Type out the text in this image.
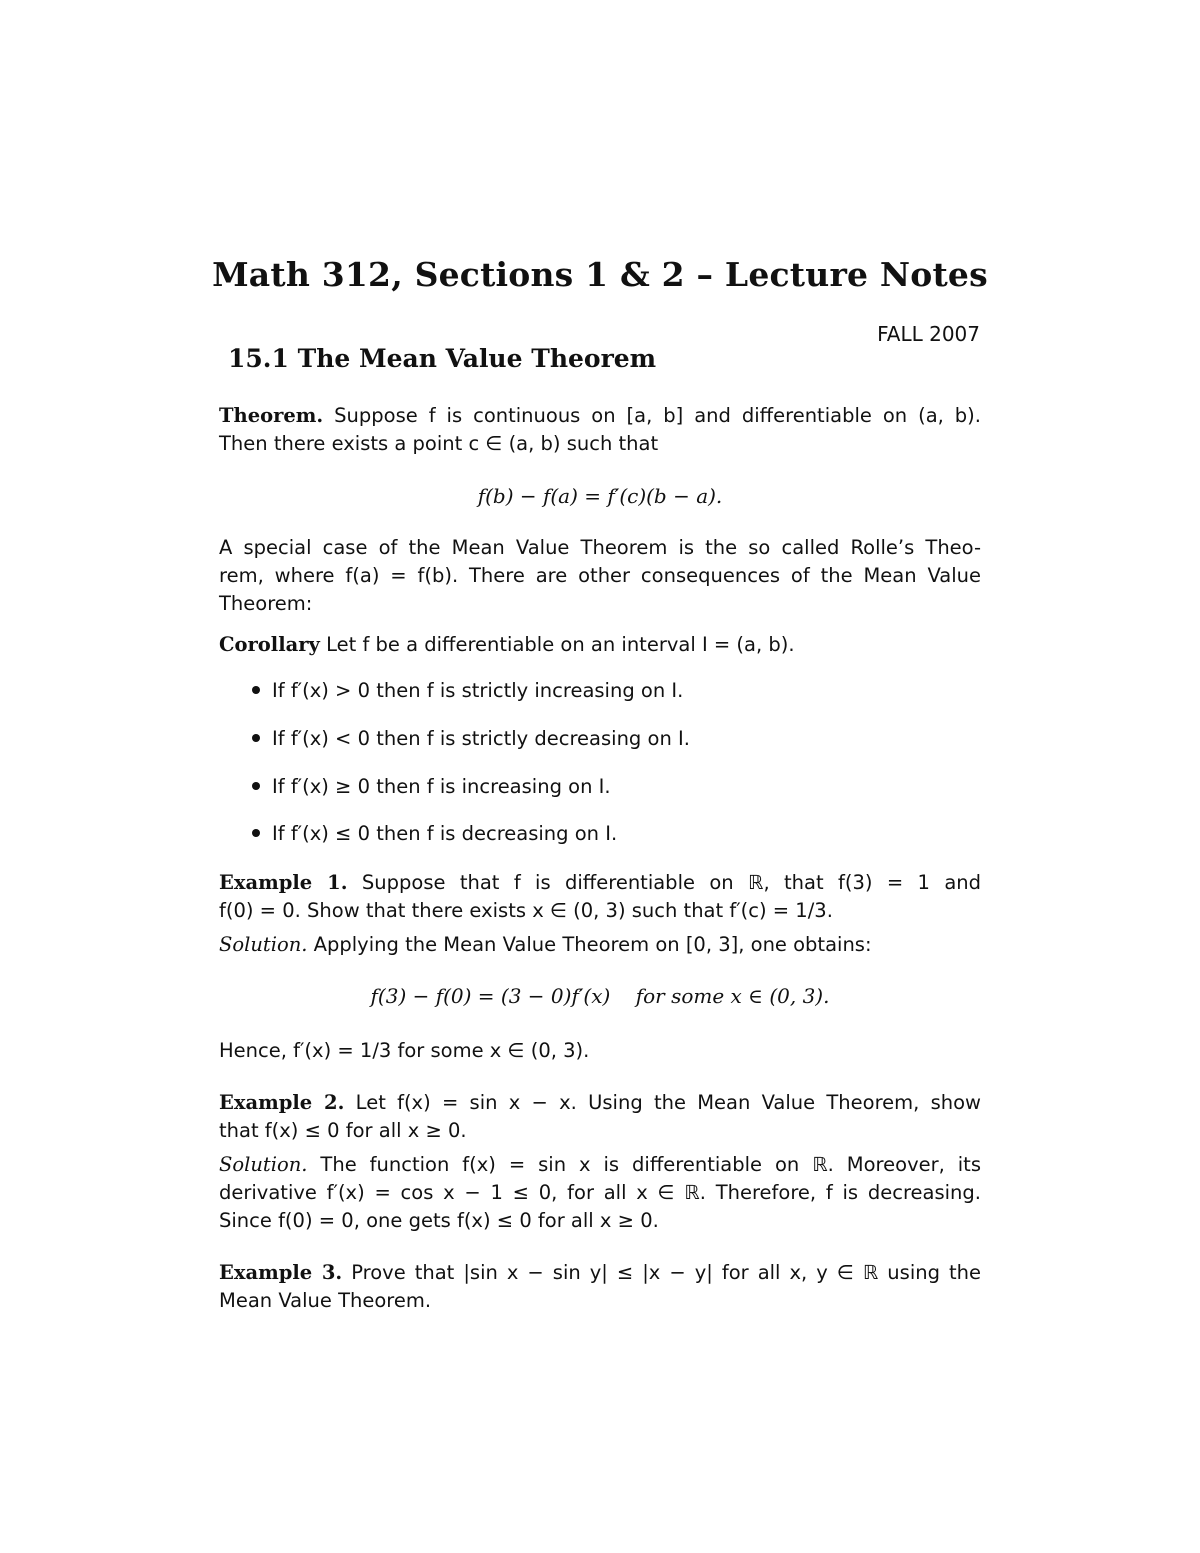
Math 312, Sections 1 & 2 – Lecture Notes
FALL 2007
15.1 The Mean Value Theorem
Theorem. Suppose f is continuous on [a, b] and differentiable on (a, b).
Then there exists a point c ∈ (a, b) such that
f(b) − f(a) = f′(c)(b − a).
A special case of the Mean Value Theorem is the so called Rolle’s Theo-
rem, where f(a) = f(b). There are other consequences of the Mean Value
Theorem:
Corollary Let f be a differentiable on an interval I = (a, b).
If f′(x) > 0 then f is strictly increasing on I.
If f′(x) < 0 then f is strictly decreasing on I.
If f′(x) ≥ 0 then f is increasing on I.
If f′(x) ≤ 0 then f is decreasing on I.
Example 1. Suppose that f is differentiable on ℝ, that f(3) = 1 and
f(0) = 0. Show that there exists x ∈ (0, 3) such that f′(c) = 1/3.
Solution. Applying the Mean Value Theorem on [0, 3], one obtains:
f(3) − f(0) = (3 − 0)f′(x)    for some x ∈ (0, 3).
Hence, f′(x) = 1/3 for some x ∈ (0, 3).
Example 2. Let f(x) = sin x − x. Using the Mean Value Theorem, show
that f(x) ≤ 0 for all x ≥ 0.
Solution. The function f(x) = sin x is differentiable on ℝ. Moreover, its
derivative f′(x) = cos x − 1 ≤ 0, for all x ∈ ℝ. Therefore, f is decreasing.
Since f(0) = 0, one gets f(x) ≤ 0 for all x ≥ 0.
Example 3. Prove that |sin x − sin y| ≤ |x − y| for all x, y ∈ ℝ using the
Mean Value Theorem.
